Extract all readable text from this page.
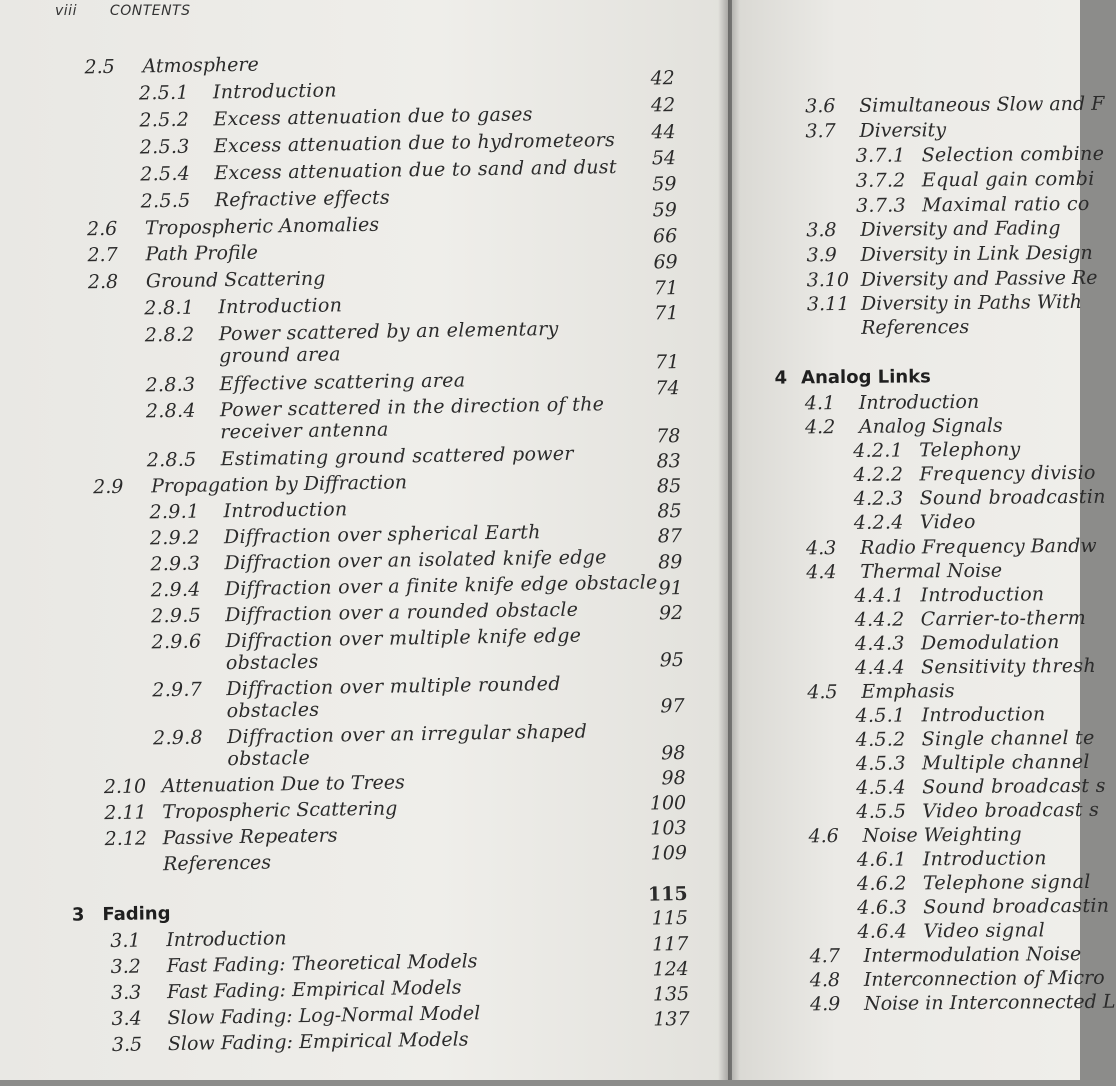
viii CONTENTS
2.5 Atmosphere
2.5.1 Introduction
2.5.2 Excess attenuation due to gases
2.5.3 Excess attenuation due to hydrometeors
2.5.4 Excess attenuation due to sand and dust
2.5.5 Refractive effects
2.6 Tropospheric Anomalies
2.7 Path Profile
2.8 Ground Scattering
2.8.1 Introduction
2.8.2 Power scattered by an elementary ground area
2.8.3 Effective scattering area
2.8.4 Power scattered in the direction of the receiver antenna
2.8.5 Estimating ground scattered power
2.9 Propagation by Diffraction
2.9.1 Introduction
2.9.2 Diffraction over spherical Earth
2.9.3 Diffraction over an isolated knife edge
2.9.4 Diffraction over a finite knife edge obstacle
2.9.5 Diffraction over a rounded obstacle
2.9.6 Diffraction over multiple knife edge obstacles
2.9.7 Diffraction over multiple rounded obstacles
2.9.8 Diffraction over an irregular shaped obstacle
2.10 Attenuation Due to Trees
2.11 Tropospheric Scattering
2.12 Passive Repeaters
References
42
42
44
54
59
59
66
69
71
71
71
74
78
83
85
85
87
89
91
92
95
97
98
98
100
103
109
3 Fading
115
3.1 Introduction
3.2 Fast Fading: Theoretical Models
3.3 Fast Fading: Empirical Models
3.4 Slow Fading: Log-Normal Model
3.5 Slow Fading: Empirical Models
115
117
124
135
137
3.6 Simultaneous Slow and F
3.7 Diversity
3.7.1 Selection combine
3.7.2 Equal gain combi
3.7.3 Maximal ratio co
3.8 Diversity and Fading
3.9 Diversity in Link Design
3.10 Diversity and Passive Re
3.11 Diversity in Paths With
References
4 Analog Links
4.1 Introduction
4.2 Analog Signals
4.2.1 Telephony
4.2.2 Frequency divisio
4.2.3 Sound broadcastin
4.2.4 Video
4.3 Radio Frequency Bandw
4.4 Thermal Noise
4.4.1 Introduction
4.4.2 Carrier-to-therm
4.4.3 Demodulation
4.4.4 Sensitivity thresh
4.5 Emphasis
4.5.1 Introduction
4.5.2 Single channel te
4.5.3 Multiple channel
4.5.4 Sound broadcast s
4.5.5 Video broadcast s
4.6 Noise Weighting
4.6.1 Introduction
4.6.2 Telephone signal
4.6.3 Sound broadcastin
4.6.4 Video signal
4.7 Intermodulation Noise
4.8 Interconnection of Micro
4.9 Noise in Interconnected L
